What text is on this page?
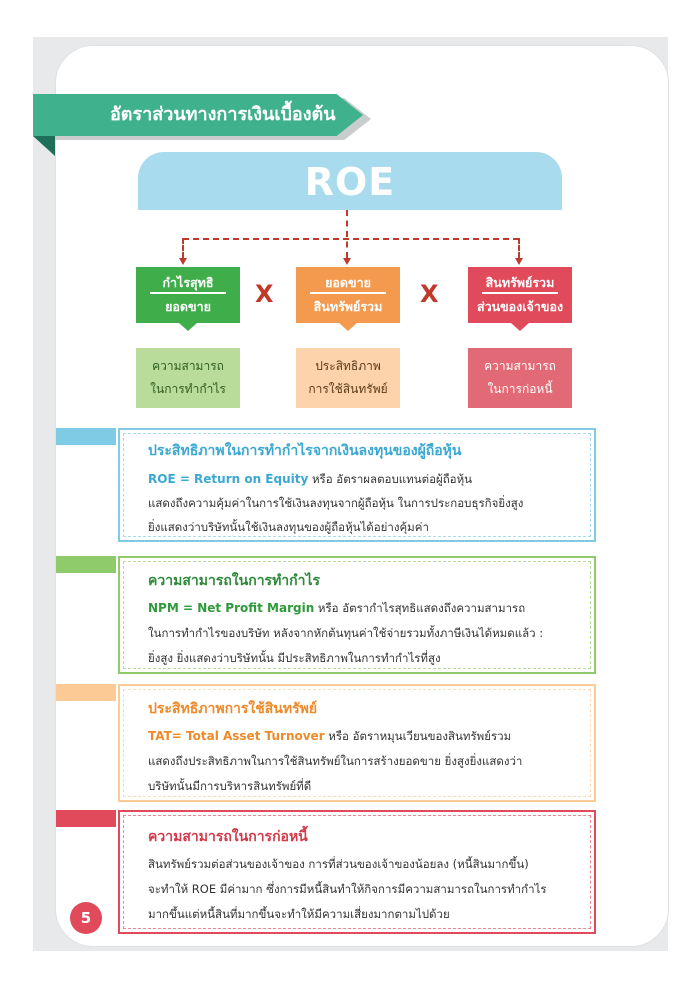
อัตราส่วนทางการเงินเบื้องต้น
ROE
กำไรสุทธิ
ยอดขาย	X	ยอดขาย
สินทรัพย์รวม	X	สินทรัพย์รวม
ส่วนของเจ้าของ
ความสามารถ
ในการทำกำไร
ประสิทธิภาพ
การใช้สินทรัพย์
ความสามารถ
ในการก่อหนี้
ประสิทธิภาพในการทำกำไรจากเงินลงทุนของผู้ถือหุ้น
ROE = Return on Equity หรือ อัตราผลตอบแทนต่อผู้ถือหุ้น
แสดงถึงความคุ้มค่าในการใช้เงินลงทุนจากผู้ถือหุ้น ในการประกอบธุรกิจยิ่งสูง
ยิ่งแสดงว่าบริษัทนั้นใช้เงินลงทุนของผู้ถือหุ้นได้อย่างคุ้มค่า
ความสามารถในการทำกำไร
NPM = Net Profit Margin หรือ อัตรากำไรสุทธิแสดงถึงความสามารถ
ในการทำกำไรของบริษัท หลังจากหักต้นทุนค่าใช้จ่ายรวมทั้งภาษีเงินได้หมดแล้ว :
ยิ่งสูง ยิ่งแสดงว่าบริษัทนั้น มีประสิทธิภาพในการทำกำไรที่สูง
ประสิทธิภาพการใช้สินทรัพย์
TAT= Total Asset Turnover หรือ อัตราหมุนเวียนของสินทรัพย์รวม
แสดงถึงประสิทธิภาพในการใช้สินทรัพย์ในการสร้างยอดขาย ยิ่งสูงยิ่งแสดงว่า
บริษัทนั้นมีการบริหารสินทรัพย์ที่ดี
ความสามารถในการก่อหนี้
สินทรัพย์รวมต่อส่วนของเจ้าของ การที่ส่วนของเจ้าของน้อยลง (หนี้สินมากขึ้น)
จะทำให้ ROE มีค่ามาก ซึ่งการมีหนี้สินทำให้กิจการมีความสามารถในการทำกำไร
มากขึ้นแต่หนี้สินที่มากขึ้นจะทำให้มีความเสี่ยงมากตามไปด้วย
5
